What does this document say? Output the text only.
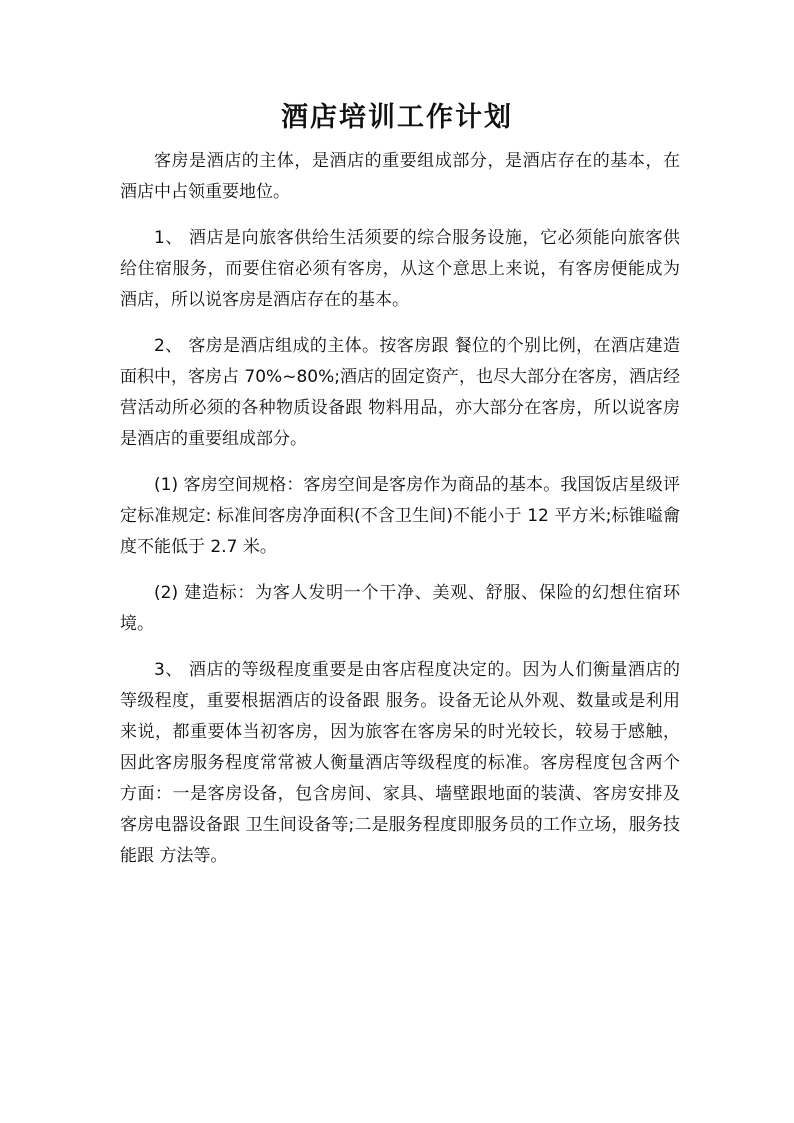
酒店培训工作计划

客房是酒店的主体，是酒店的重要组成部分，是酒店存在的基本，在酒店中占领重要地位。

1、 酒店是向旅客供给生活须要的综合服务设施，它必须能向旅客供给住宿服务，而要住宿必须有客房，从这个意思上来说，有客房便能成为酒店，所以说客房是酒店存在的基本。

2、 客房是酒店组成的主体。按客房跟 餐位的个别比例，在酒店建造面积中，客房占 70%~80%;酒店的固定资产，也尽大部分在客房，酒店经营活动所必须的各种物质设备跟 物料用品，亦大部分在客房，所以说客房是酒店的重要组成部分。

(1) 客房空间规格：客房空间是客房作为商品的基本。我国饭店星级评定标准规定: 标准间客房净面积(不含卫生间)不能小于 12 平方米;标锥嗌龠度不能低于 2.7 米。

(2) 建造标：为客人发明一个干净、美观、舒服、保险的幻想住宿环境。

3、 酒店的等级程度重要是由客店程度决定的。因为人们衡量酒店的等级程度，重要根据酒店的设备跟 服务。设备无论从外观、数量或是利用来说，都重要体当初客房，因为旅客在客房呆的时光较长，较易于感触，因此客房服务程度常常被人衡量酒店等级程度的标准。客房程度包含两个方面：一是客房设备，包含房间、家具、墙壁跟地面的装潢、客房安排及客房电器设备跟 卫生间设备等;二是服务程度即服务员的工作立场，服务技能跟 方法等。
